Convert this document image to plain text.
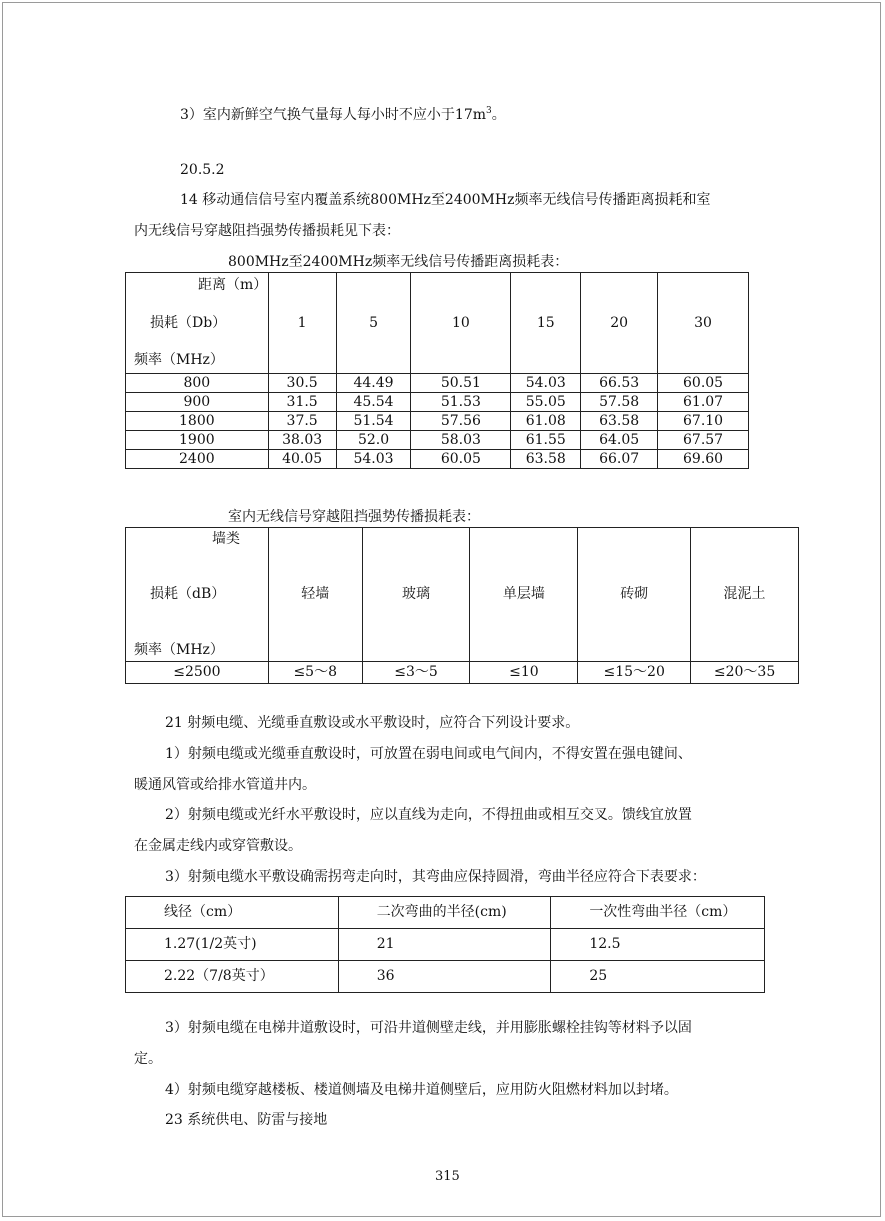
3）室内新鲜空气换气量每人每小时不应小于$17m^3$。
20.5.2
14 移动通信信号室内覆盖系统800MHz至2400MHz频率无线信号传播距离损耗和室
内无线信号穿越阻挡强势传播损耗见下表：
800MHz至2400MHz频率无线信号传播距离损耗表：
距离（m）
损耗（Db）
频率（MHz）	1	5	10	15	20	30
800	30.5	44.49	50.51	54.03	66.53	60.05
900	31.5	45.54	51.53	55.05	57.58	61.07
1800	37.5	51.54	57.56	61.08	63.58	67.10
1900	38.03	52.0	58.03	61.55	64.05	67.57
2400	40.05	54.03	60.05	63.58	66.07	69.60
室内无线信号穿越阻挡强势传播损耗表：
墙类
损耗（dB）
频率（MHz）	轻墙	玻璃	单层墙	砖砌	混泥土
≤2500	≤5～8	≤3～5	≤10	≤15～20	≤20～35
21 射频电缆、光缆垂直敷设或水平敷设时，应符合下列设计要求。
1）射频电缆或光缆垂直敷设时，可放置在弱电间或电气间内，不得安置在强电键间、
暖通风管或给排水管道井内。
2）射频电缆或光纤水平敷设时，应以直线为走向，不得扭曲或相互交叉。馈线宜放置
在金属走线内或穿管敷设。
3）射频电缆水平敷设确需拐弯走向时，其弯曲应保持圆滑，弯曲半径应符合下表要求：
线径（cm）	二次弯曲的半径(cm)	一次性弯曲半径（cm）
1.27(1/2英寸)	21	12.5
2.22（7/8英寸）	36	25
3）射频电缆在电梯井道敷设时，可沿井道侧壁走线，并用膨胀螺栓挂钩等材料予以固
定。
4）射频电缆穿越楼板、楼道侧墙及电梯井道侧壁后，应用防火阻燃材料加以封堵。
23 系统供电、防雷与接地
315
